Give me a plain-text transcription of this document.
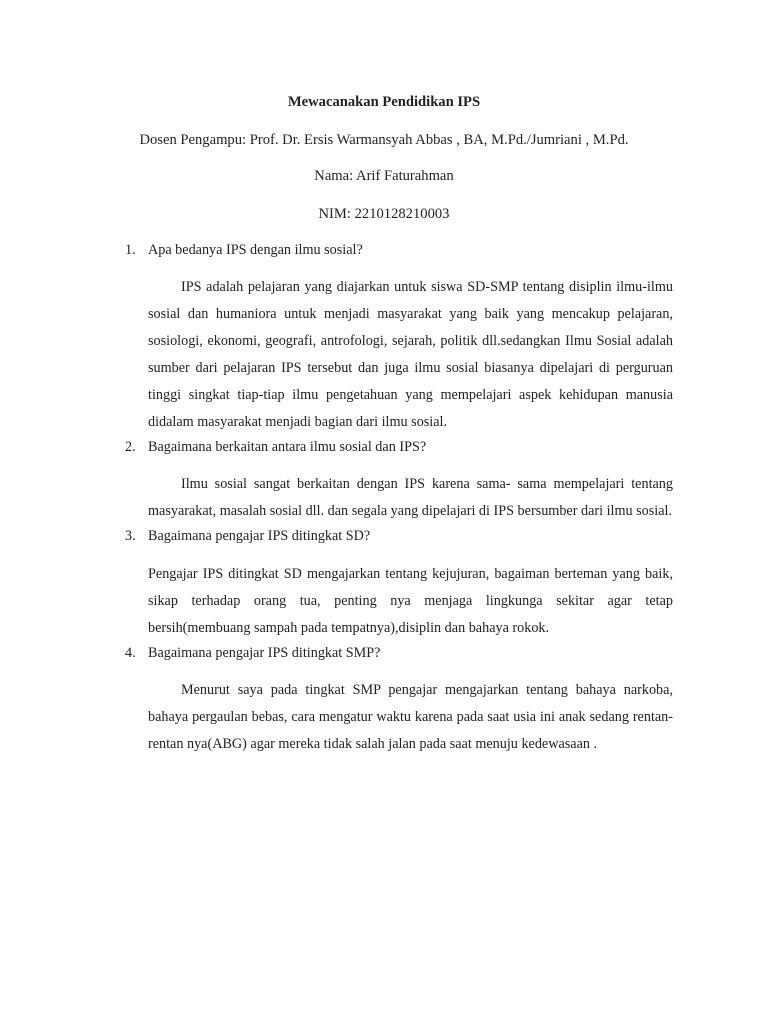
Mewacanakan Pendidikan IPS
Dosen Pengampu: Prof. Dr. Ersis Warmansyah Abbas , BA, M.Pd./Jumriani , M.Pd.
Nama: Arif Faturahman
NIM: 2210128210003
1. Apa bedanya IPS dengan ilmu sosial?

IPS adalah pelajaran yang diajarkan untuk siswa SD-SMP tentang disiplin ilmu-ilmu sosial dan humaniora untuk menjadi masyarakat yang baik yang mencakup pelajaran, sosiologi, ekonomi, geografi, antrofologi, sejarah, politik dll.sedangkan Ilmu Sosial adalah sumber dari pelajaran IPS tersebut dan juga ilmu sosial biasanya dipelajari di perguruan tinggi singkat tiap-tiap ilmu pengetahuan yang mempelajari aspek kehidupan manusia didalam masyarakat menjadi bagian dari ilmu sosial.

2. Bagaimana berkaitan antara ilmu sosial dan IPS?

Ilmu sosial sangat berkaitan dengan IPS karena sama- sama mempelajari tentang masyarakat, masalah sosial dll. dan segala yang dipelajari di IPS bersumber dari ilmu sosial.

3. Bagaimana pengajar IPS ditingkat SD?

Pengajar IPS ditingkat SD mengajarkan tentang kejujuran, bagaiman berteman yang baik, sikap terhadap orang tua, penting nya menjaga lingkunga sekitar agar tetap bersih(membuang sampah pada tempatnya),disiplin dan bahaya rokok.

4. Bagaimana pengajar IPS ditingkat SMP?

Menurut saya pada tingkat SMP pengajar mengajarkan tentang bahaya narkoba, bahaya pergaulan bebas, cara mengatur waktu karena pada saat usia ini anak sedang rentan-rentan nya(ABG) agar mereka tidak salah jalan pada saat menuju kedewasaan .
